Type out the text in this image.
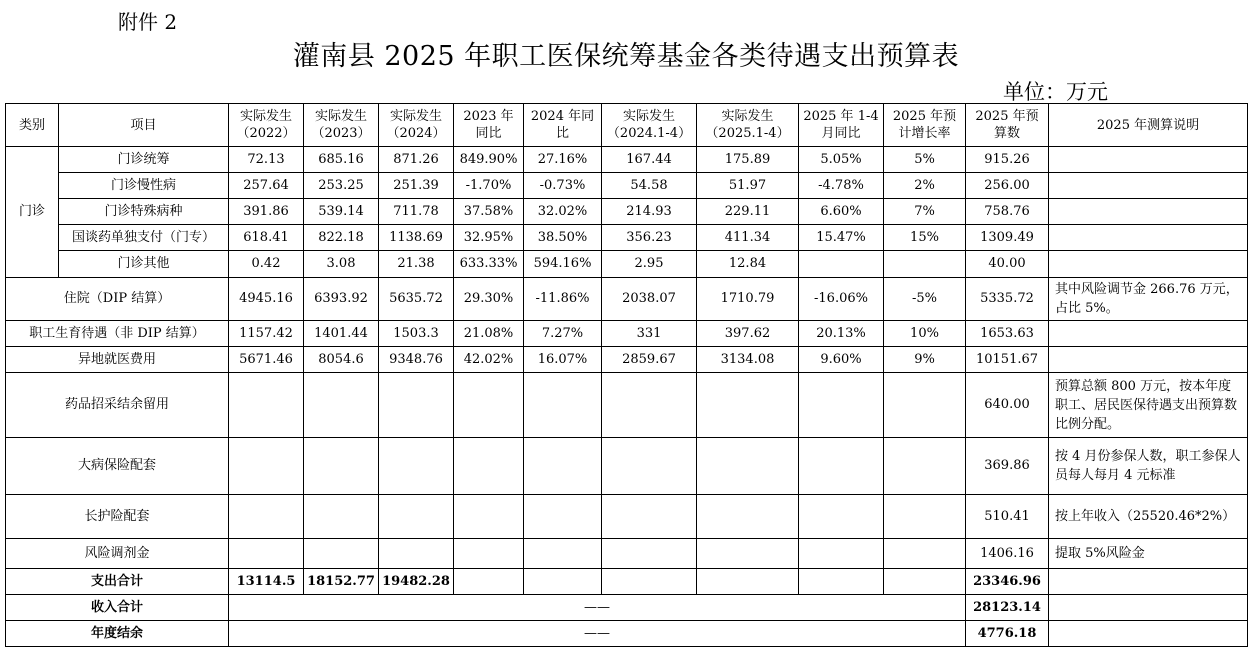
附件 2
灌南县 2025 年职工医保统筹基金各类待遇支出预算表
单位：万元
类别	项目	实际发生（2022）	实际发生（2023）	实际发生（2024）	2023 年同比	2024 年同比	实际发生（2024.1-4）	实际发生（2025.1-4）	2025 年 1-4 月同比	2025 年预计增长率	2025 年预算数	2025 年测算说明
门诊	门诊统筹	72.13	685.16	871.26	849.90%	27.16%	167.44	175.89	5.05%	5%	915.26	
	门诊慢性病	257.64	253.25	251.39	-1.70%	-0.73%	54.58	51.97	-4.78%	2%	256.00	
	门诊特殊病种	391.86	539.14	711.78	37.58%	32.02%	214.93	229.11	6.60%	7%	758.76	
	国谈药单独支付（门专）	618.41	822.18	1138.69	32.95%	38.50%	356.23	411.34	15.47%	15%	1309.49	
	门诊其他	0.42	3.08	21.38	633.33%	594.16%	2.95	12.84			40.00	
住院（DIP 结算）		4945.16	6393.92	5635.72	29.30%	-11.86%	2038.07	1710.79	-16.06%	-5%	5335.72	其中风险调节金 266.76 万元，占比 5%。
职工生育待遇（非 DIP 结算）		1157.42	1401.44	1503.3	21.08%	7.27%	331	397.62	20.13%	10%	1653.63	
异地就医费用		5671.46	8054.6	9348.76	42.02%	16.07%	2859.67	3134.08	9.60%	9%	10151.67	
药品招采结余留用											640.00	预算总额 800 万元，按本年度职工、居民医保待遇支出预算数比例分配。
大病保险配套											369.86	按 4 月份参保人数，职工参保人员每人每月 4 元标准
长护险配套											510.41	按上年收入（25520.46*2%）
风险调剂金											1406.16	提取 5%风险金
支出合计		13114.5	18152.77	19482.28							23346.96	
收入合计		——									28123.14	
年度结余		——									4776.18	
